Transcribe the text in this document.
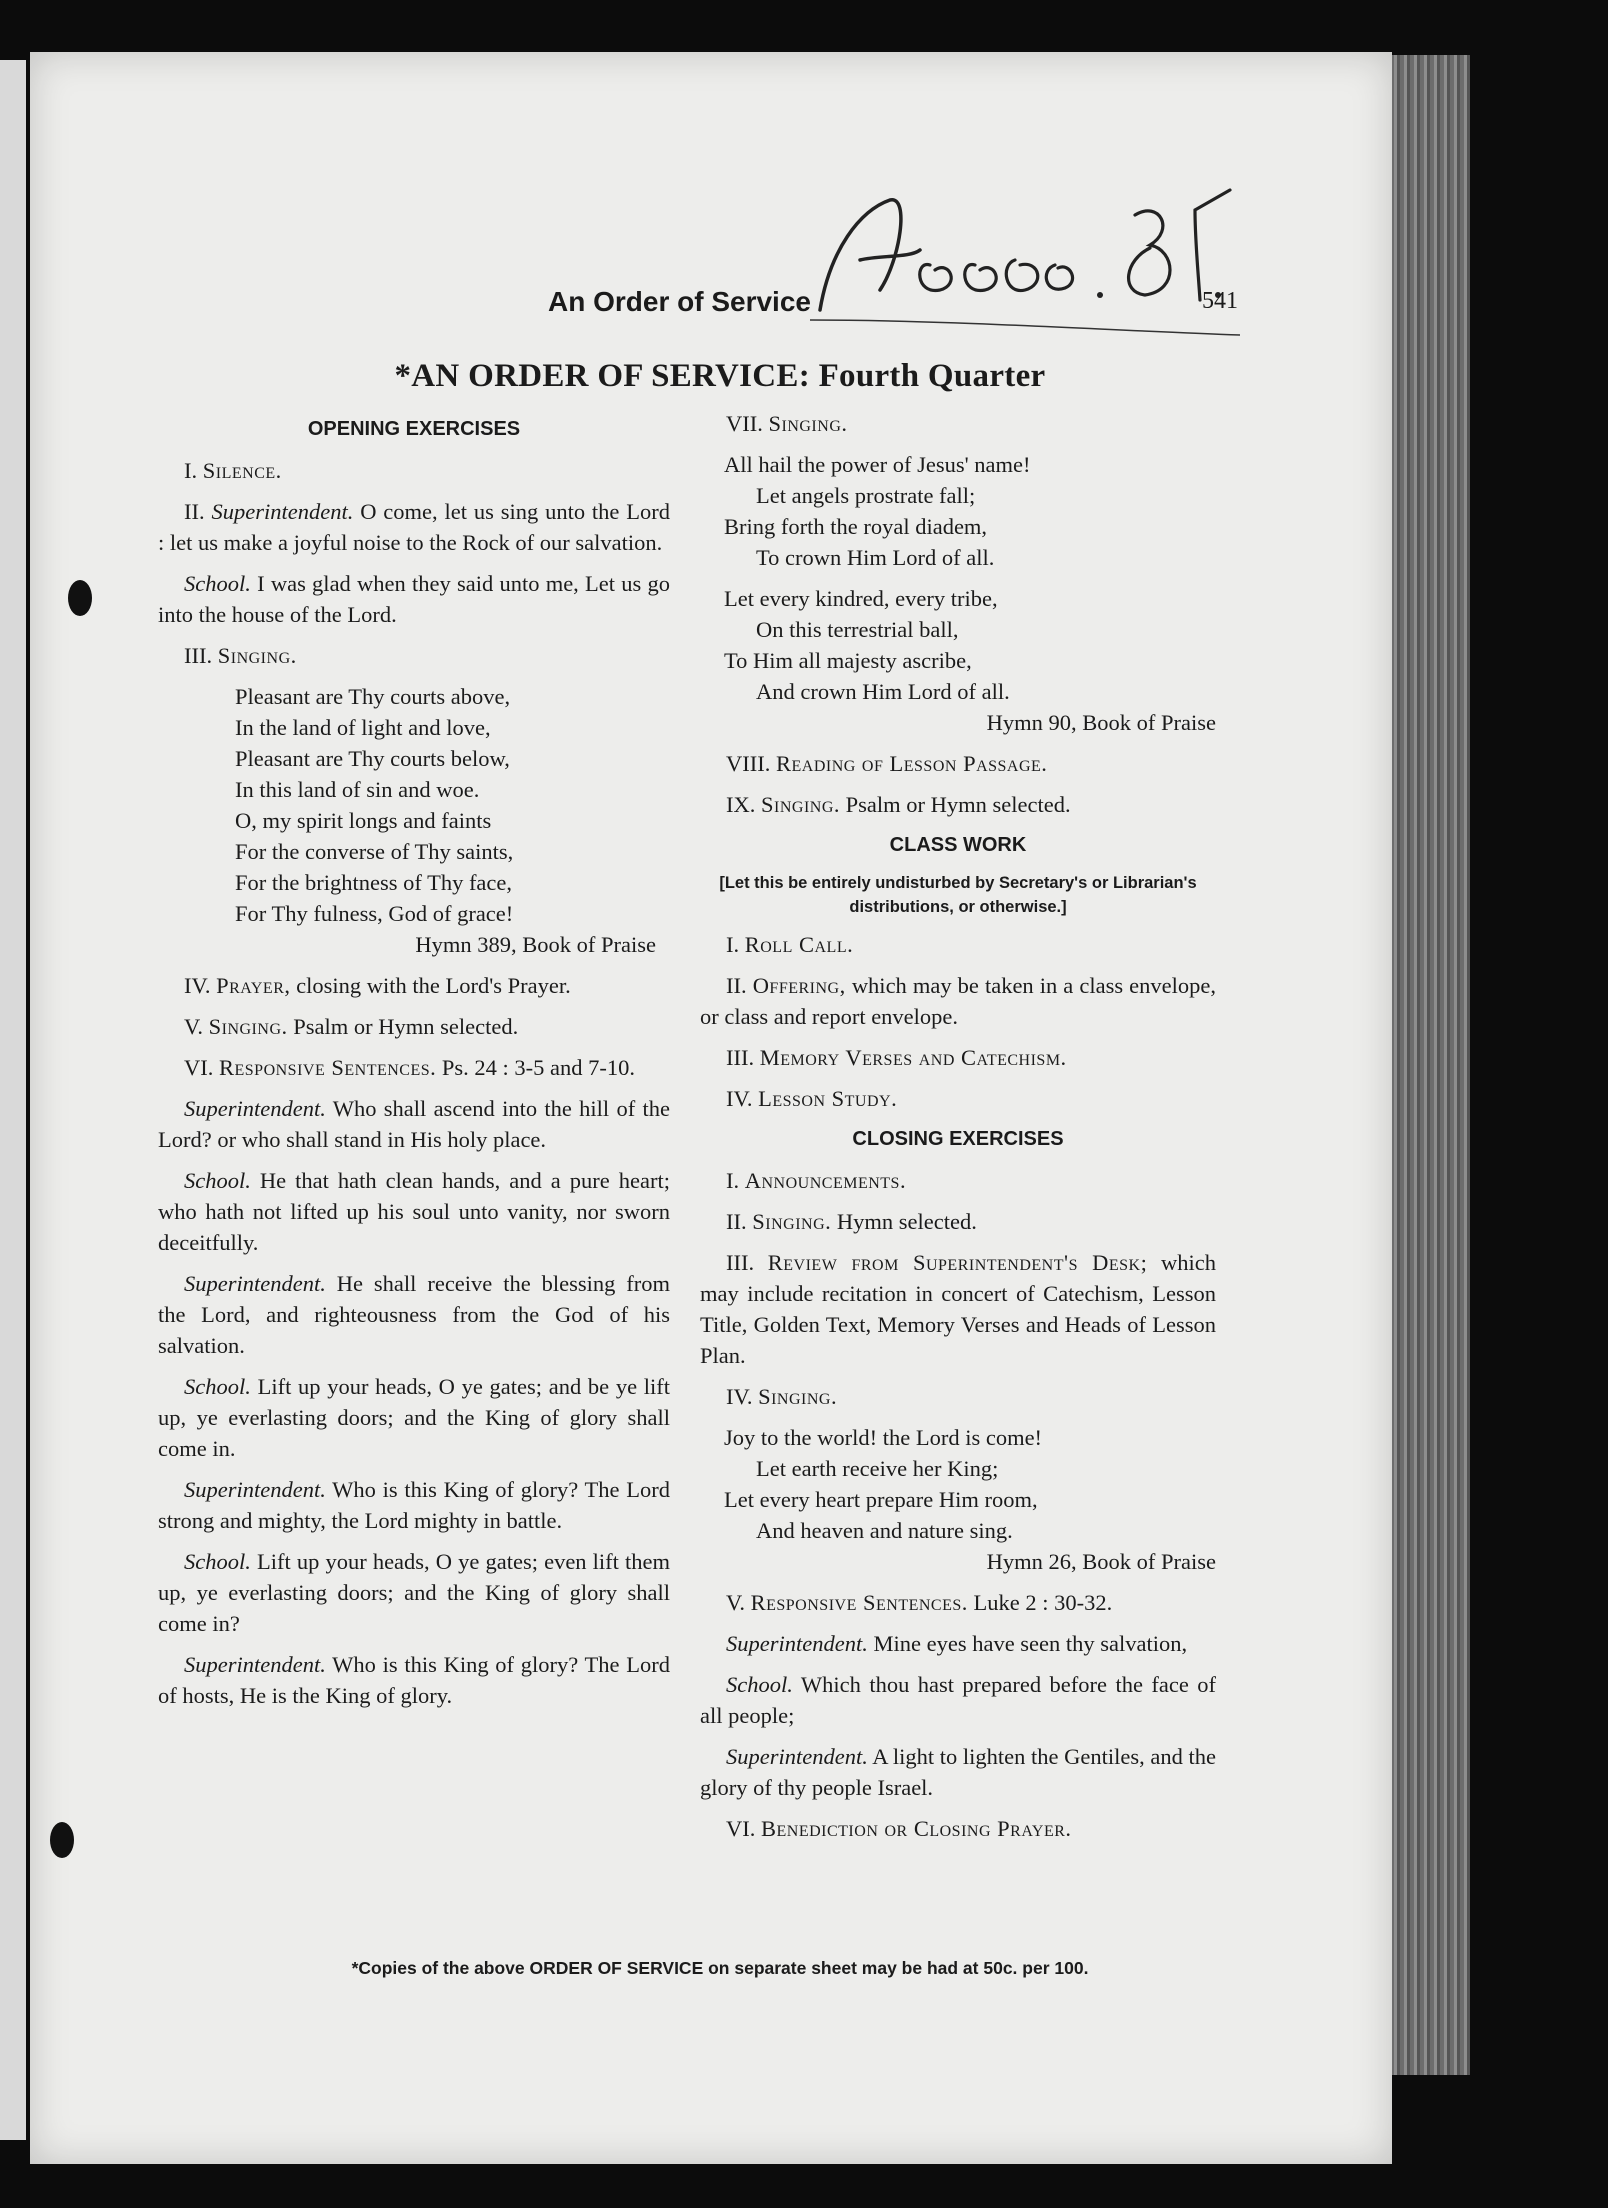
An Order of Service	541
*AN ORDER OF SERVICE: Fourth Quarter
OPENING EXERCISES

I. Silence.

II. Superintendent. O come, let us sing unto the Lord : let us make a joyful noise to the Rock of our salvation.

School. I was glad when they said unto me, Let us go into the house of the Lord.

III. Singing.

Pleasant are Thy courts above,

In the land of light and love,

Pleasant are Thy courts below,

In this land of sin and woe.

O, my spirit longs and faints

For the converse of Thy saints,

For the brightness of Thy face,

For Thy fulness, God of grace!

Hymn 389, Book of Praise

IV. Prayer, closing with the Lord's Prayer.

V. Singing. Psalm or Hymn selected.

VI. Responsive Sentences. Ps. 24 : 3-5 and 7-10.

Superintendent. Who shall ascend into the hill of the Lord? or who shall stand in His holy place.

School. He that hath clean hands, and a pure heart; who hath not lifted up his soul unto vanity, nor sworn deceitfully.

Superintendent. He shall receive the blessing from the Lord, and righteousness from the God of his salvation.

School. Lift up your heads, O ye gates; and be ye lift up, ye everlasting doors; and the King of glory shall come in.

Superintendent. Who is this King of glory? The Lord strong and mighty, the Lord mighty in battle.

School. Lift up your heads, O ye gates; even lift them up, ye everlasting doors; and the King of glory shall come in?

Superintendent. Who is this King of glory? The Lord of hosts, He is the King of glory.

VII. Singing.

All hail the power of Jesus' name!

Let angels prostrate fall;

Bring forth the royal diadem,

To crown Him Lord of all.

Let every kindred, every tribe,

On this terrestrial ball,

To Him all majesty ascribe,

And crown Him Lord of all.

Hymn 90, Book of Praise

VIII. Reading of Lesson Passage.

IX. Singing. Psalm or Hymn selected.

CLASS WORK

[Let this be entirely undisturbed by Secretary's or Librarian's distributions, or otherwise.]

I. Roll Call.

II. Offering, which may be taken in a class envelope, or class and report envelope.

III. Memory Verses and Catechism.

IV. Lesson Study.

CLOSING EXERCISES

I. Announcements.

II. Singing. Hymn selected.

III. Review from Superintendent's Desk; which may include recitation in concert of Catechism, Lesson Title, Golden Text, Memory Verses and Heads of Lesson Plan.

IV. Singing.

Joy to the world! the Lord is come!

Let earth receive her King;

Let every heart prepare Him room,

And heaven and nature sing.

Hymn 26, Book of Praise

V. Responsive Sentences. Luke 2 : 30-32.

Superintendent. Mine eyes have seen thy salvation,

School. Which thou hast prepared before the face of all people;

Superintendent. A light to lighten the Gentiles, and the glory of thy people Israel.

VI. Benediction or Closing Prayer.

*Copies of the above ORDER OF SERVICE on separate sheet may be had at 50c. per 100.
